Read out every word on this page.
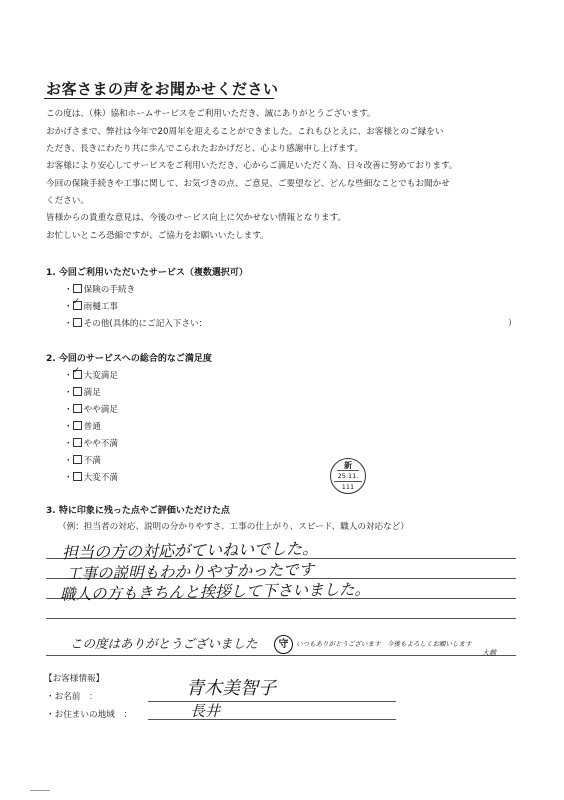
お客さまの声をお聞かせください
この度は、（株）協和ホームサービスをご利用いただき、誠にありがとうございます。
おかげさまで、弊社は今年で20周年を迎えることができました。これもひとえに、お客様とのご縁をい
ただき、長きにわたり共に歩んでこられたおかげだと、心より感謝申し上げます。
お客様により安心してサービスをご利用いただき、心からご満足いただく為、日々改善に努めております。
今回の保険手続きや工事に関して、お気づきの点、ご意見、ご要望など、どんな些細なことでもお聞かせ
ください。
皆様からの貴重な意見は、今後のサービス向上に欠かせない情報となります。
お忙しいところ恐縮ですが、ご協力をお願いいたします。
1. 今回ご利用いただいたサービス（複数選択可）
・ 保険の手続き
・ ✓ 雨樋工事
・ その他(具体的にご記入下さい：	）
2. 今回のサービスへの総合的なご満足度
・ ✓ 大変満足
・ 満足
・ やや満足
・ 普通
・ やや不満
・ 不満
・ 大変不満
新
25.11.
111
3. 特に印象に残った点やご評価いただけた点
（例：担当者の対応、説明の分かりやすさ、工事の仕上がり、スピード、職人の対応など）
担当の方の対応がていねいでした。
工事の説明もわかりやすかったです
職人の方もきちんと挨拶して下さいました。
この度はありがとうございました	守	いつもありがとうございます　今後もよろしくお願いします
大越
【お客様情報】
・お名前　：	青木美智子
・お住まいの地域　：	長井
